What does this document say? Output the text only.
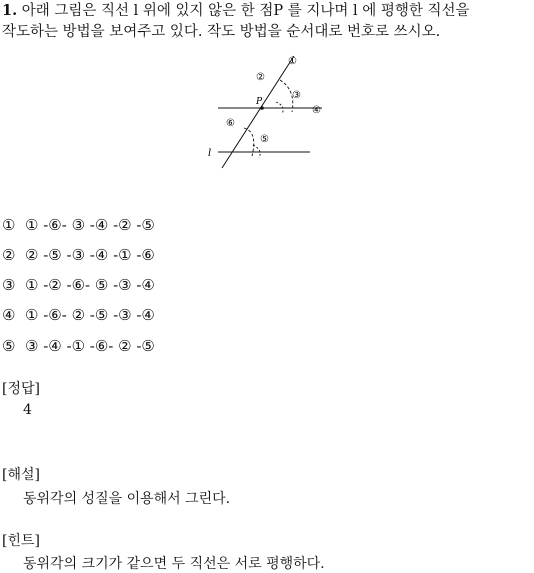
1. 아래 그림은 직선 l 위에 있지 않은 한 점P 를 지나며 l 에 평행한 직선을
작도하는 방법을 보여주고 있다. 작도 방법을 순서대로 번호로 쓰시오.
P
l
①
②
③
④
⑤
⑥
① ① -⑥- ③ -④ -② -⑤
② ② -⑤ -③ -④ -① -⑥
③ ① -② -⑥- ⑤ -③ -④
④ ① -⑥- ② -⑤ -③ -④
⑤ ③ -④ -① -⑥- ② -⑤
[정답]
4
[해설]
동위각의 성질을 이용해서 그린다.
[힌트]
동위각의 크기가 같으면 두 직선은 서로 평행하다.
